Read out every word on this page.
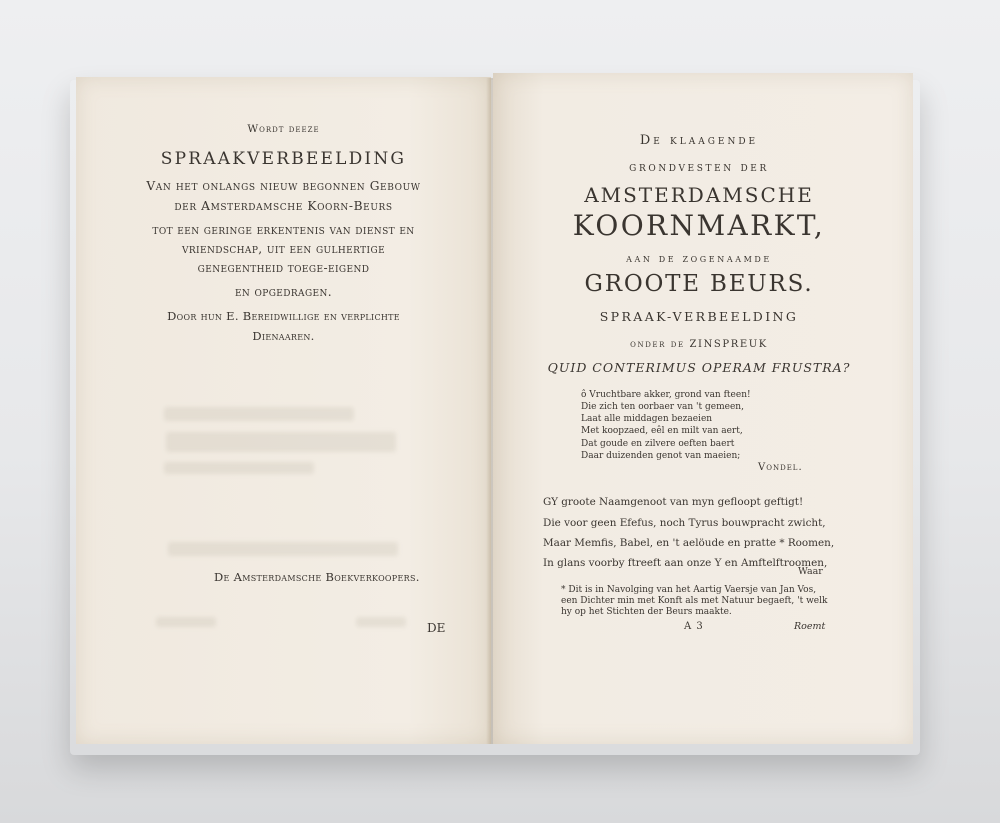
Wordt deeze
SPRAAKVERBEELDING
Van het onlangs nieuw begonnen Gebouw
der Amsterdamsche Koorn-Beurs
tot een geringe erkentenis van dienst en
vriendschap, uit een gulhertige
genegentheid toege-eigend
en opgedragen.
Door hun E. Bereidwillige en verplichte
Dienaaren.
De Amsterdamsche Boekverkoopers.
DE
De klaagende
grondvesten der
AMSTERDAMSCHE
KOORNMARKT,
aan de zogenaamde
GROOTE BEURS.
SPRAAK-VERBEELDING
onder de ZINSPREUK
QUID CONTERIMUS OPERAM FRUSTRA?
ô Vruchtbare akker, grond van fteen!
Die zich ten oorbaer van 't gemeen,
Laat alle middagen bezaeien
Met koopzaed, eêl en milt van aert,
Dat goude en zilvere oeften baert
Daar duizenden genot van maeien;
Vondel.
GY groote Naamgenoot van myn gefloopt geftigt!
Die voor geen Efefus, noch Tyrus bouwpracht zwicht,
Maar Memfis, Babel, en 't aelöude en pratte * Roomen,
In glans voorby ftreeft aan onze Y en Amftelftroomen,
Waar
* Dit is in Navolging van het Aartig Vaersje van Jan Vos,
een Dichter min met Konft als met Natuur begaeft, 't welk
hy op het Stichten der Beurs maakte.
A 3	Roemt
